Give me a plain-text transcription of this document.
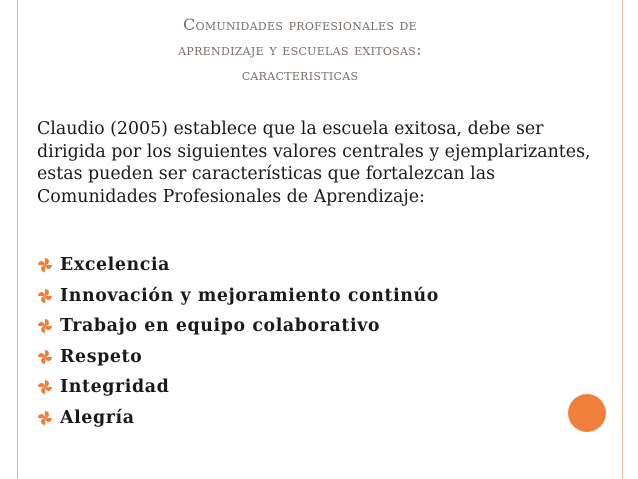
Comunidades profesionales de
aprendizaje y escuelas exitosas:
caracteristicas
Claudio (2005) establece que la escuela exitosa, debe ser dirigida por los siguientes valores centrales y ejemplarizantes, estas pueden ser características que fortalezcan las Comunidades Profesionales de Aprendizaje:
Excelencia
Innovación y mejoramiento continúo
Trabajo en equipo colaborativo
Respeto
Integridad
Alegría
